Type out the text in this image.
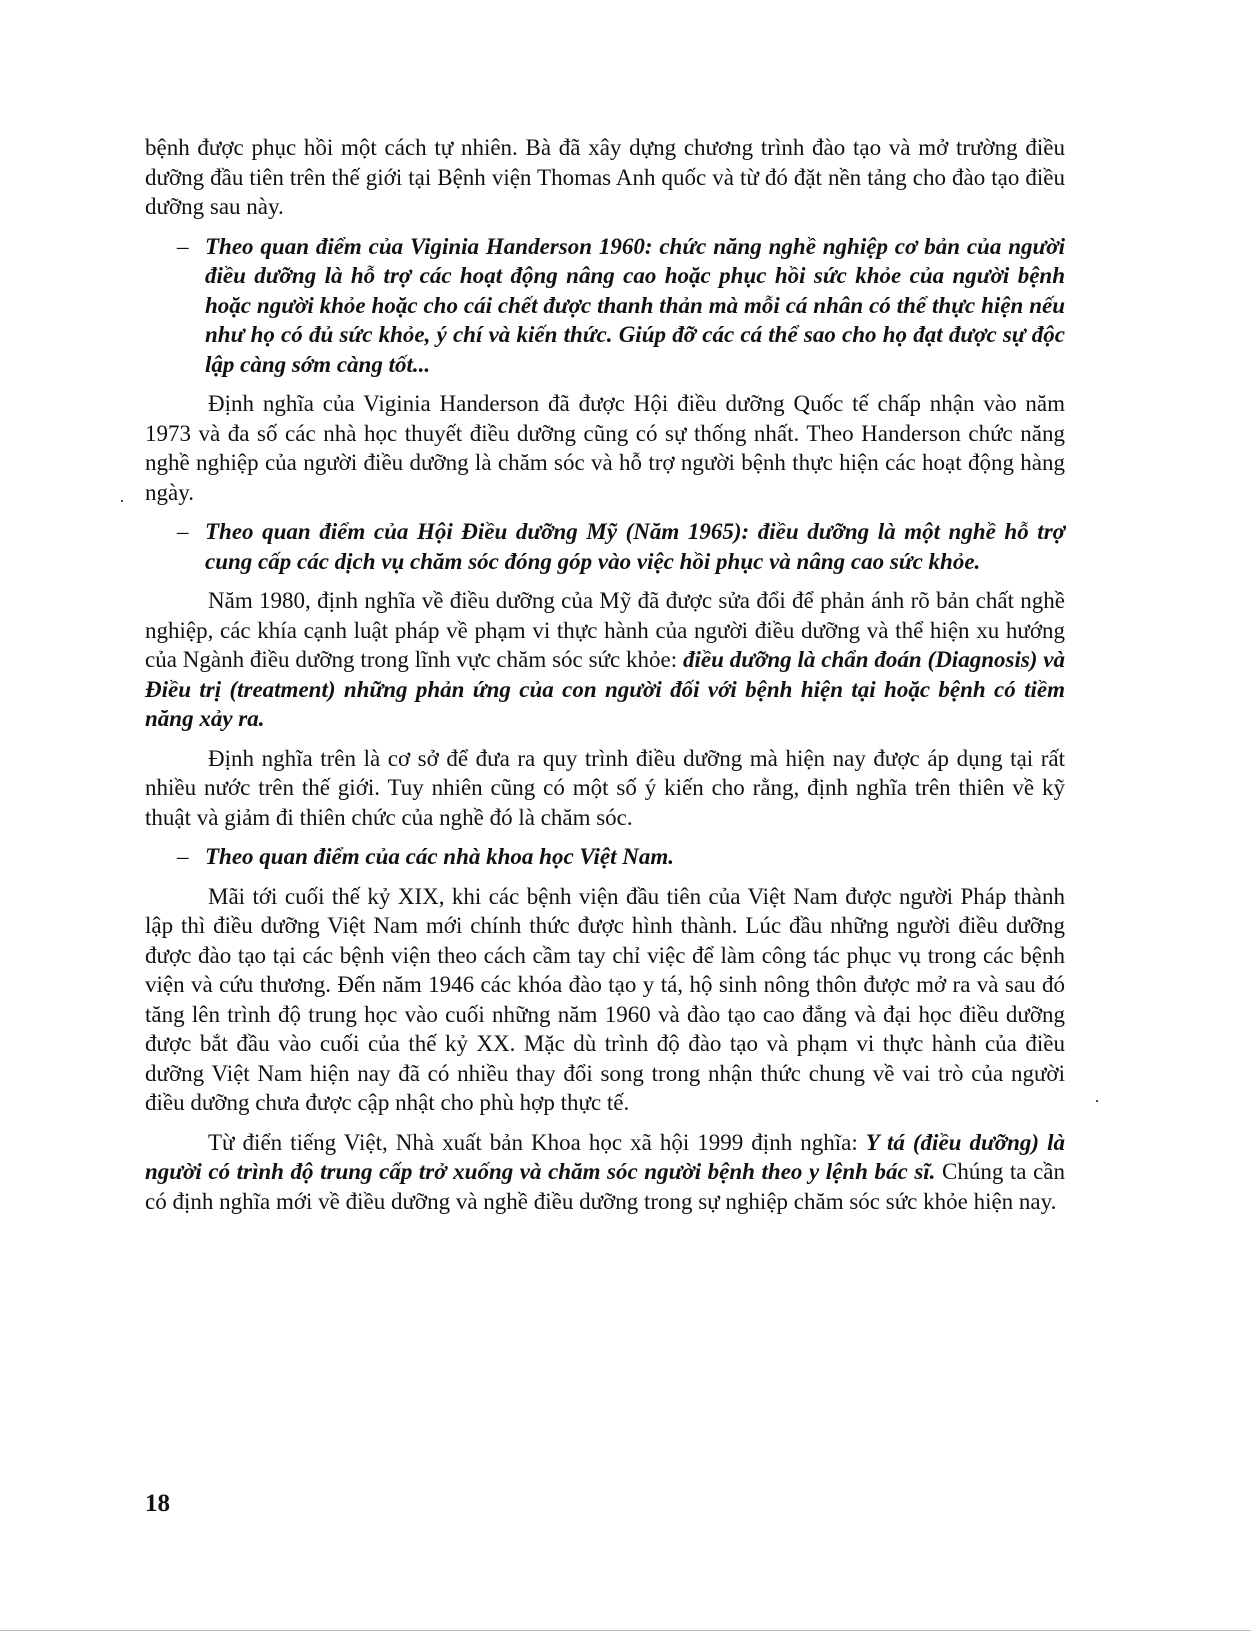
bệnh được phục hồi một cách tự nhiên. Bà đã xây dựng chương trình đào tạo và mở trường điều dưỡng đầu tiên trên thế giới tại Bệnh viện Thomas Anh quốc và từ đó đặt nền tảng cho đào tạo điều dưỡng sau này.

– Theo quan điểm của Viginia Handerson 1960: chức năng nghề nghiệp cơ bản của người điều dưỡng là hỗ trợ các hoạt động nâng cao hoặc phục hồi sức khỏe của người bệnh hoặc người khỏe hoặc cho cái chết được thanh thản mà mỗi cá nhân có thể thực hiện nếu như họ có đủ sức khỏe, ý chí và kiến thức. Giúp đỡ các cá thể sao cho họ đạt được sự độc lập càng sớm càng tốt...

Định nghĩa của Viginia Handerson đã được Hội điều dưỡng Quốc tế chấp nhận vào năm 1973 và đa số các nhà học thuyết điều dưỡng cũng có sự thống nhất. Theo Handerson chức năng nghề nghiệp của người điều dưỡng là chăm sóc và hỗ trợ người bệnh thực hiện các hoạt động hàng ngày.

– Theo quan điểm của Hội Điều dưỡng Mỹ (Năm 1965): điều dưỡng là một nghề hỗ trợ cung cấp các dịch vụ chăm sóc đóng góp vào việc hồi phục và nâng cao sức khỏe.

Năm 1980, định nghĩa về điều dưỡng của Mỹ đã được sửa đổi để phản ánh rõ bản chất nghề nghiệp, các khía cạnh luật pháp về phạm vi thực hành của người điều dưỡng và thể hiện xu hướng của Ngành điều dưỡng trong lĩnh vực chăm sóc sức khỏe: điều dưỡng là chẩn đoán (Diagnosis) và Điều trị (treatment) những phản ứng của con người đối với bệnh hiện tại hoặc bệnh có tiềm năng xảy ra.

Định nghĩa trên là cơ sở để đưa ra quy trình điều dưỡng mà hiện nay được áp dụng tại rất nhiều nước trên thế giới. Tuy nhiên cũng có một số ý kiến cho rằng, định nghĩa trên thiên về kỹ thuật và giảm đi thiên chức của nghề đó là chăm sóc.

– Theo quan điểm của các nhà khoa học Việt Nam.

Mãi tới cuối thế kỷ XIX, khi các bệnh viện đầu tiên của Việt Nam được người Pháp thành lập thì điều dưỡng Việt Nam mới chính thức được hình thành. Lúc đầu những người điều dưỡng được đào tạo tại các bệnh viện theo cách cầm tay chỉ việc để làm công tác phục vụ trong các bệnh viện và cứu thương. Đến năm 1946 các khóa đào tạo y tá, hộ sinh nông thôn được mở ra và sau đó tăng lên trình độ trung học vào cuối những năm 1960 và đào tạo cao đẳng và đại học điều dưỡng được bắt đầu vào cuối của thế kỷ XX. Mặc dù trình độ đào tạo và phạm vi thực hành của điều dưỡng Việt Nam hiện nay đã có nhiều thay đổi song trong nhận thức chung về vai trò của người điều dưỡng chưa được cập nhật cho phù hợp thực tế.

Từ điển tiếng Việt, Nhà xuất bản Khoa học xã hội 1999 định nghĩa: Y tá (điều dưỡng) là người có trình độ trung cấp trở xuống và chăm sóc người bệnh theo y lệnh bác sĩ. Chúng ta cần có định nghĩa mới về điều dưỡng và nghề điều dưỡng trong sự nghiệp chăm sóc sức khỏe hiện nay.

18
